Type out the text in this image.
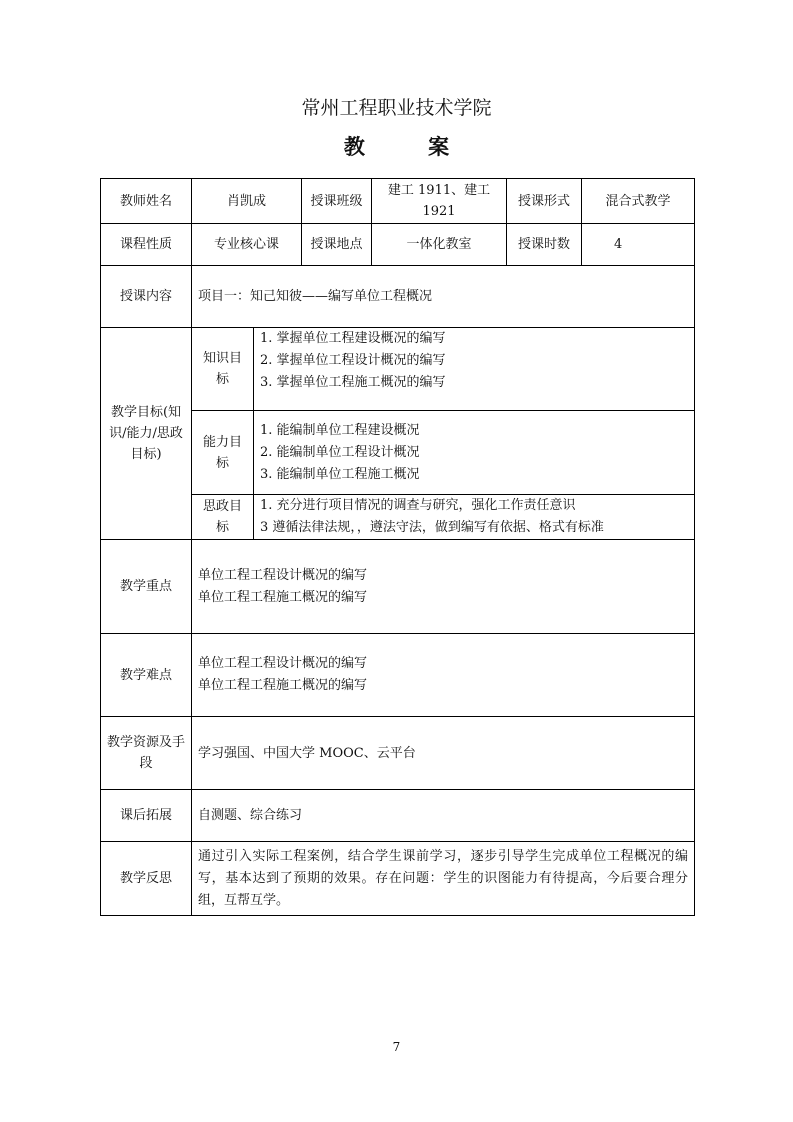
常州工程职业技术学院
教 案
教师姓名	肖凯成		授课班级	建工 1911、建工 1921	授课形式	混合式教学
课程性质	专业核心课		授课地点	一体化教室	授课时数	4
授课内容	项目一：知己知彼——编写单位工程概况					
教学目标(知识/能力/思政目标)	知识目标	1. 掌握单位工程建设概况的编写
2. 掌握单位工程设计概况的编写
3. 掌握单位工程施工概况的编写				

	能力目标	1. 能编制单位工程建设概况
2. 能编制单位工程设计概况
3. 能编制单位工程施工概况				

	思政目标	1. 充分进行项目情况的调查与研究，强化工作责任意识
3 遵循法律法规，，遵法守法，做到编写有依据、格式有标准				

教学重点	单位工程工程设计概况的编写
单位工程工程施工概况的编写					

教学难点	单位工程工程设计概况的编写
单位工程工程施工概况的编写					

教学资源及手段	学习强国、中国大学 MOOC、云平台					
课后拓展	自测题、综合练习					
教学反思	通过引入实际工程案例，结合学生课前学习，逐步引导学生完成单位工程概况的编写，基本达到了预期的效果。存在问题：学生的识图能力有待提高，今后要合理分组，互帮互学。					
7
